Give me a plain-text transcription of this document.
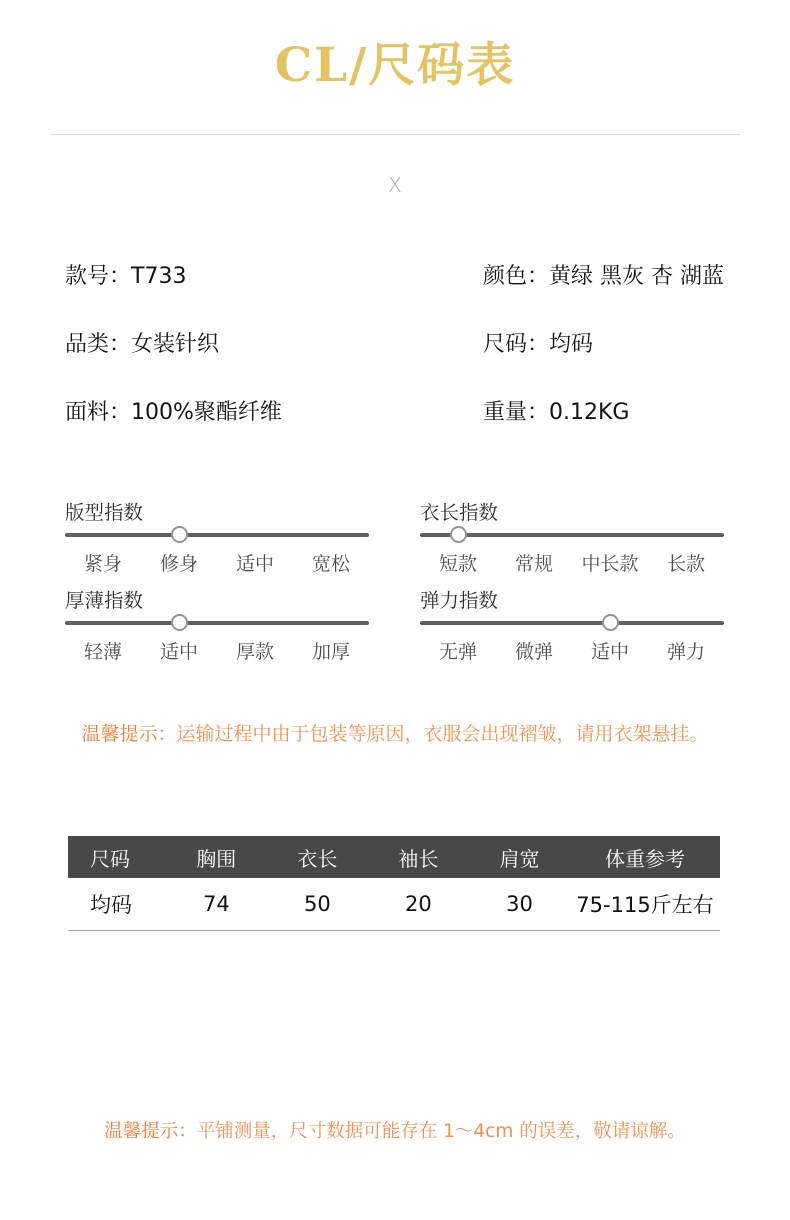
CL/尺码表
X
款号：T733	颜色：黄绿 黑灰 杏 湖蓝
品类：女装针织	尺码：均码
面料：100%聚酯纤维	重量：0.12KG
版型指数
紧身	修身	适中	宽松
衣长指数
短款	常规	中长款	长款
厚薄指数
轻薄	适中	厚款	加厚
弹力指数
无弹	微弹	适中	弹力
温馨提示：运输过程中由于包装等原因，衣服会出现褶皱，请用衣架悬挂。
尺码	胸围	衣长	袖长	肩宽	体重参考
均码	74	50	20	30	75-115斤左右
温馨提示：平铺测量，尺寸数据可能存在 1～4cm 的误差，敬请谅解。
